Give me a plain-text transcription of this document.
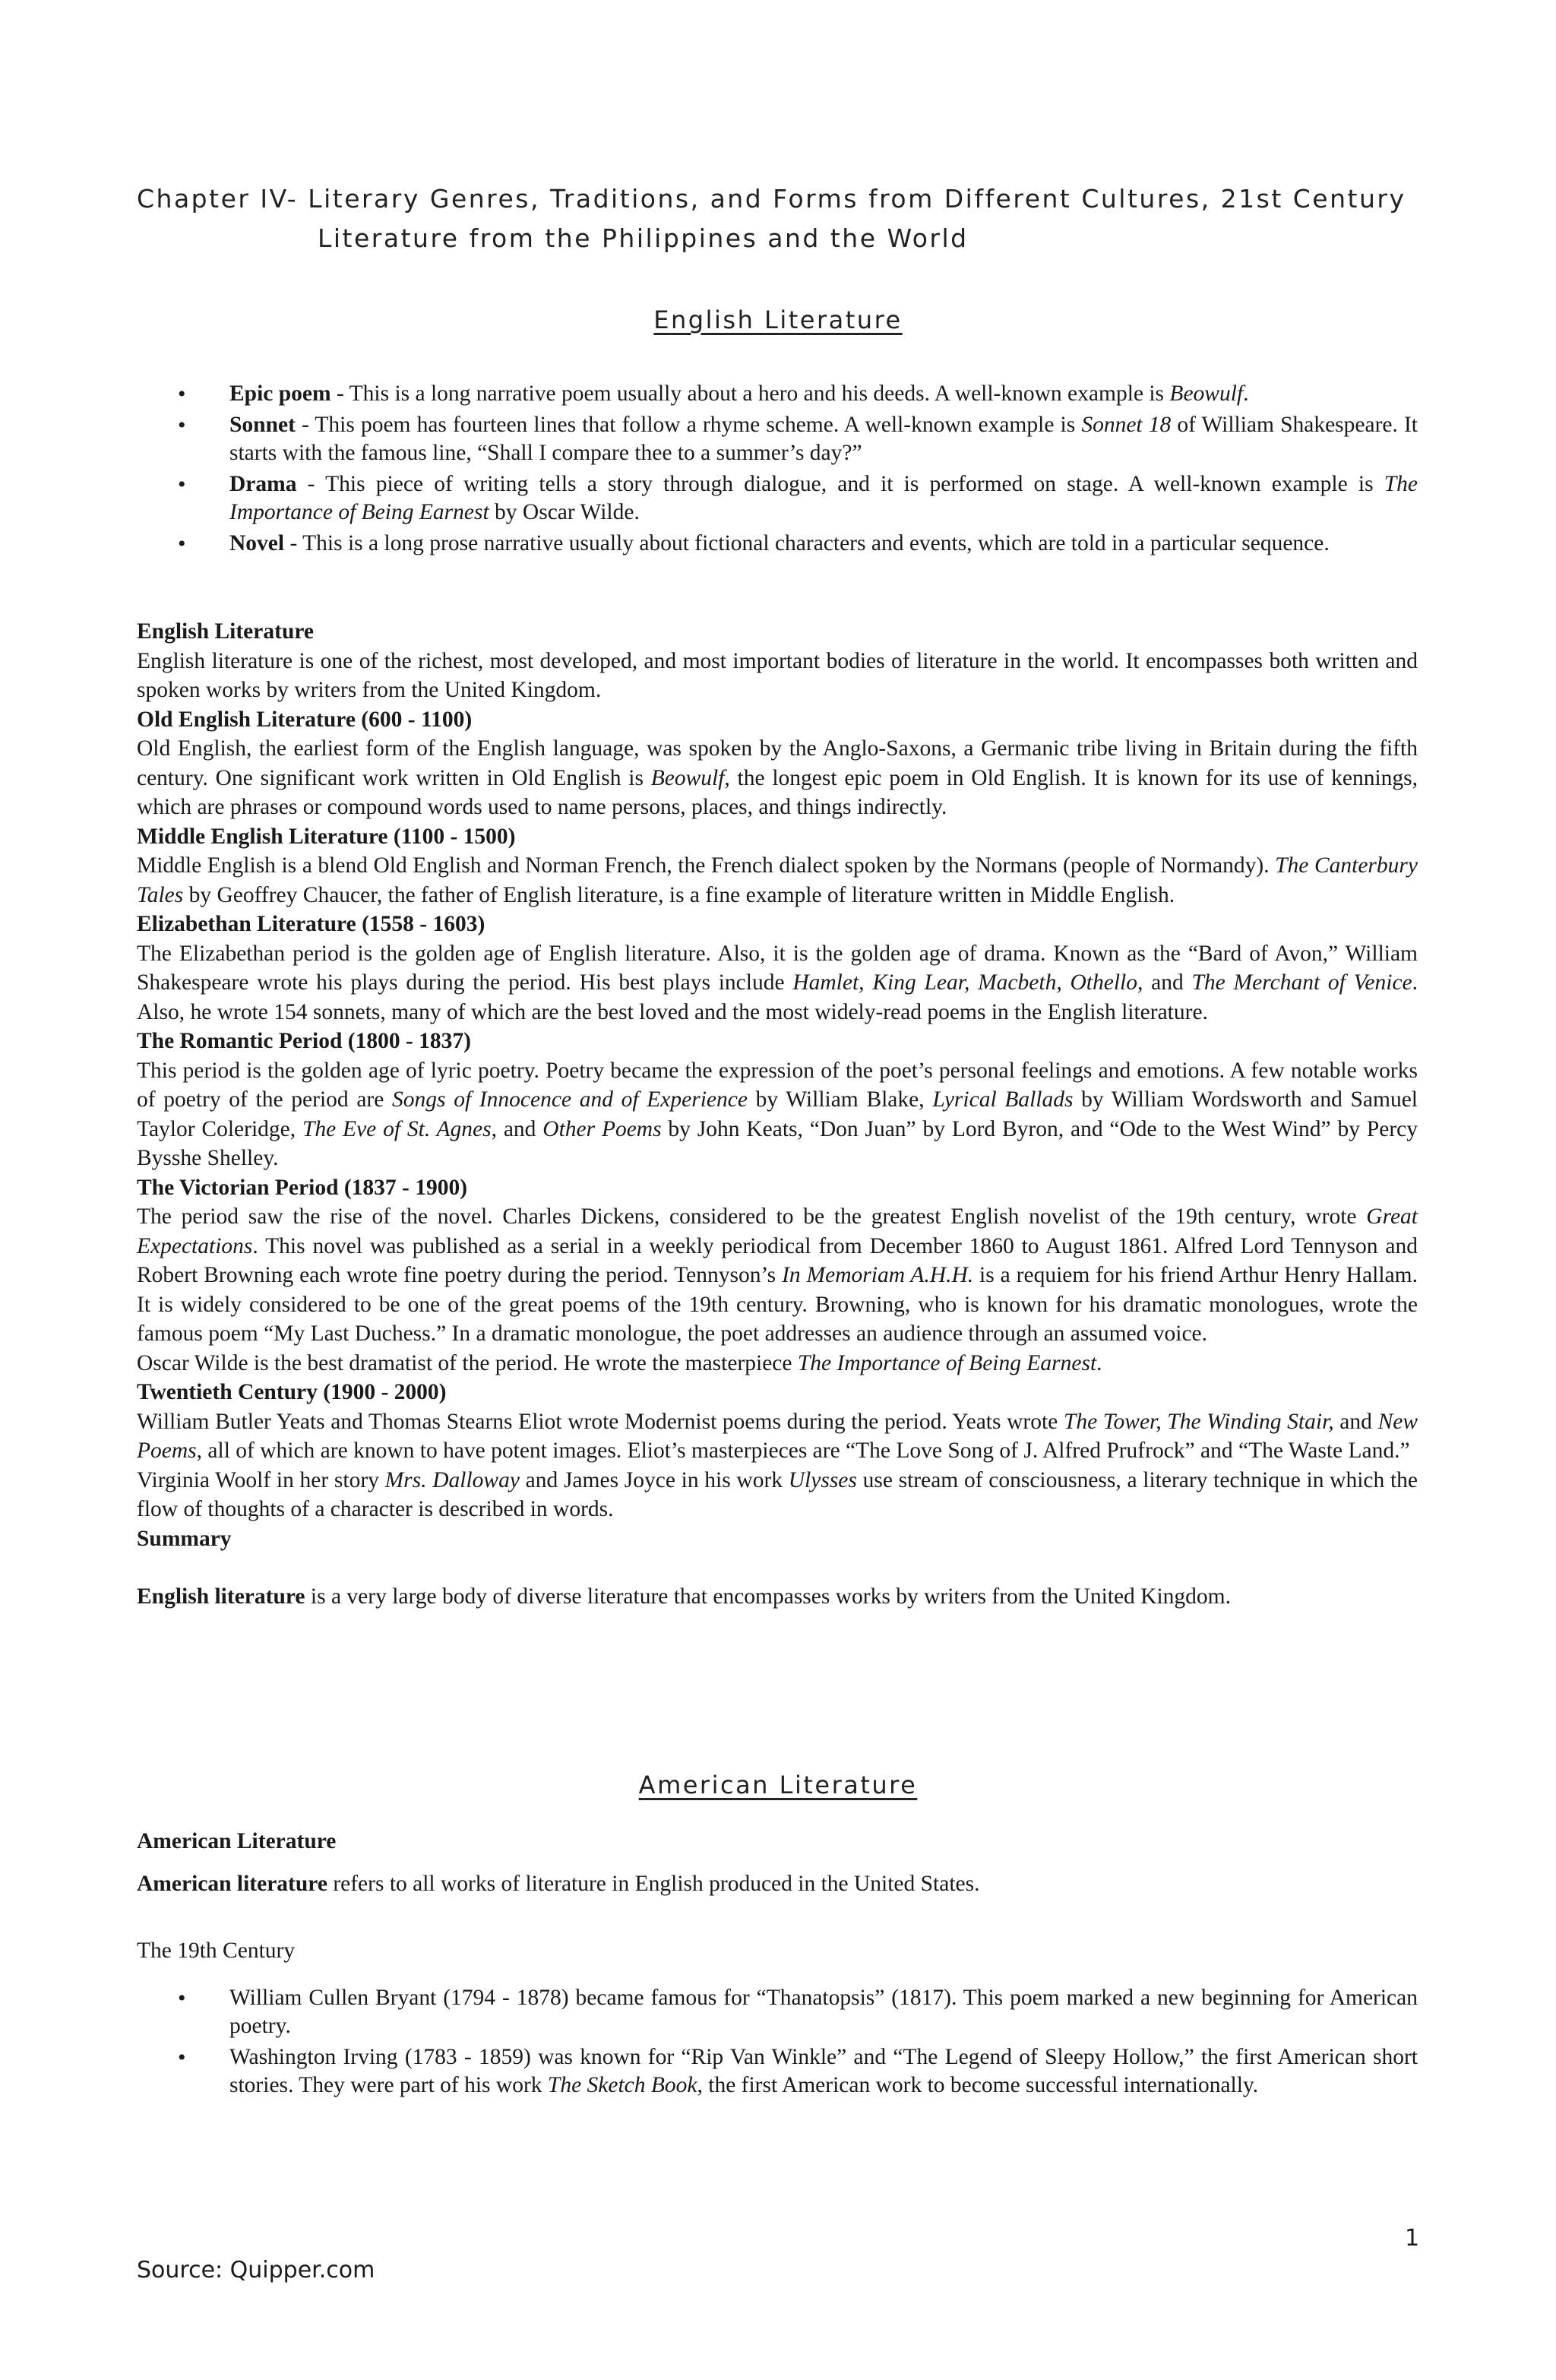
Chapter IV- Literary Genres, Traditions, and Forms from Different Cultures, 21st Century
Literature from the Philippines and the World
English Literature
• Epic poem - This is a long narrative poem usually about a hero and his deeds. A well-known example is Beowulf.
• Sonnet - This poem has fourteen lines that follow a rhyme scheme. A well-known example is Sonnet 18 of William Shakespeare. It starts with the famous line, “Shall I compare thee to a summer’s day?”
• Drama - This piece of writing tells a story through dialogue, and it is performed on stage. A well-known example is The Importance of Being Earnest by Oscar Wilde.
• Novel - This is a long prose narrative usually about fictional characters and events, which are told in a particular sequence.

English Literature

English literature is one of the richest, most developed, and most important bodies of literature in the world. It encompasses both written and spoken works by writers from the United Kingdom.

Old English Literature (600 - 1100)

Old English, the earliest form of the English language, was spoken by the Anglo-Saxons, a Germanic tribe living in Britain during the fifth century. One significant work written in Old English is Beowulf, the longest epic poem in Old English. It is known for its use of kennings, which are phrases or compound words used to name persons, places, and things indirectly.

Middle English Literature (1100 - 1500)

Middle English is a blend Old English and Norman French, the French dialect spoken by the Normans (people of Normandy). The Canterbury Tales by Geoffrey Chaucer, the father of English literature, is a fine example of literature written in Middle English.

Elizabethan Literature (1558 - 1603)

The Elizabethan period is the golden age of English literature. Also, it is the golden age of drama. Known as the “Bard of Avon,” William Shakespeare wrote his plays during the period. His best plays include Hamlet, King Lear, Macbeth, Othello, and The Merchant of Venice. Also, he wrote 154 sonnets, many of which are the best loved and the most widely-read poems in the English literature.

The Romantic Period (1800 - 1837)

This period is the golden age of lyric poetry. Poetry became the expression of the poet’s personal feelings and emotions. A few notable works of poetry of the period are Songs of Innocence and of Experience by William Blake, Lyrical Ballads by William Wordsworth and Samuel Taylor Coleridge, The Eve of St. Agnes, and Other Poems by John Keats, “Don Juan” by Lord Byron, and “Ode to the West Wind” by Percy Bysshe Shelley.

The Victorian Period (1837 - 1900)

The period saw the rise of the novel. Charles Dickens, considered to be the greatest English novelist of the 19th century, wrote Great Expectations. This novel was published as a serial in a weekly periodical from December 1860 to August 1861. Alfred Lord Tennyson and Robert Browning each wrote fine poetry during the period. Tennyson’s In Memoriam A.H.H. is a requiem for his friend Arthur Henry Hallam. It is widely considered to be one of the great poems of the 19th century. Browning, who is known for his dramatic monologues, wrote the famous poem “My Last Duchess.” In a dramatic monologue, the poet addresses an audience through an assumed voice.

Oscar Wilde is the best dramatist of the period. He wrote the masterpiece The Importance of Being Earnest.

Twentieth Century (1900 - 2000)

William Butler Yeats and Thomas Stearns Eliot wrote Modernist poems during the period. Yeats wrote The Tower, The Winding Stair, and New Poems, all of which are known to have potent images. Eliot’s masterpieces are “The Love Song of J. Alfred Prufrock” and “The Waste Land.”

Virginia Woolf in her story Mrs. Dalloway and James Joyce in his work Ulysses use stream of consciousness, a literary technique in which the flow of thoughts of a character is described in words.

Summary

English literature is a very large body of diverse literature that encompasses works by writers from the United Kingdom.

American Literature

American Literature

American literature refers to all works of literature in English produced in the United States.

The 19th Century

• William Cullen Bryant (1794 - 1878) became famous for “Thanatopsis” (1817). This poem marked a new beginning for American poetry.
• Washington Irving (1783 - 1859) was known for “Rip Van Winkle” and “The Legend of Sleepy Hollow,” the first American short stories. They were part of his work The Sketch Book, the first American work to become successful internationally.
1
Source: Quipper.com
